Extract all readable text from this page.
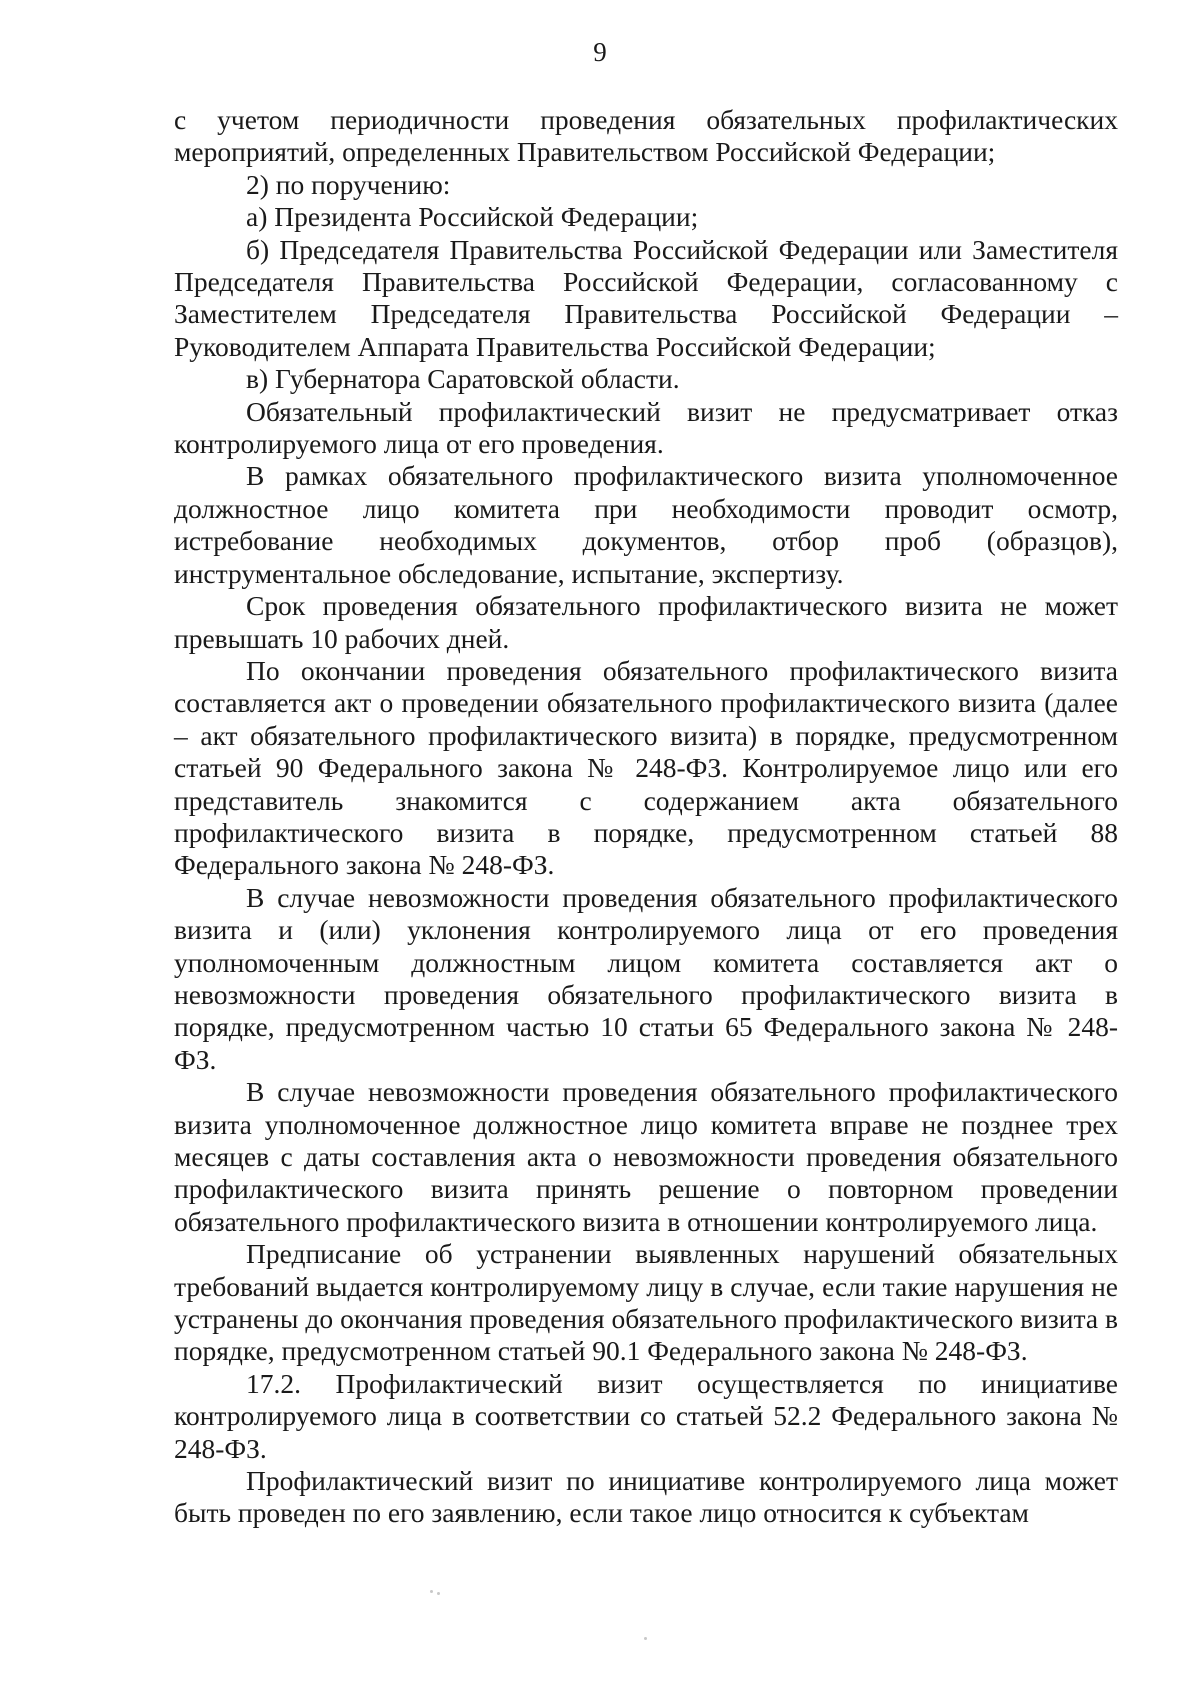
9

с учетом периодичности проведения обязательных профилактических мероприятий, определенных Правительством Российской Федерации;

2) по поручению:

а) Президента Российской Федерации;

б) Председателя Правительства Российской Федерации или Заместителя Председателя Правительства Российской Федерации, согласованному с Заместителем Председателя Правительства Российской Федерации – Руководителем Аппарата Правительства Российской Федерации;

в) Губернатора Саратовской области.

Обязательный профилактический визит не предусматривает отказ контролируемого лица от его проведения.

В рамках обязательного профилактического визита уполномоченное должностное лицо комитета при необходимости проводит осмотр, истребование необходимых документов, отбор проб (образцов), инструментальное обследование, испытание, экспертизу.

Срок проведения обязательного профилактического визита не может превышать 10 рабочих дней.

По окончании проведения обязательного профилактического визита составляется акт о проведении обязательного профилактического визита (далее – акт обязательного профилактического визита) в порядке, предусмотренном статьей 90 Федерального закона № 248-ФЗ. Контролируемое лицо или его представитель знакомится с содержанием акта обязательного профилактического визита в порядке, предусмотренном статьей 88 Федерального закона № 248-ФЗ.

В случае невозможности проведения обязательного профилактического визита и (или) уклонения контролируемого лица от его проведения уполномоченным должностным лицом комитета составляется акт о невозможности проведения обязательного профилактического визита в порядке, предусмотренном частью 10 статьи 65 Федерального закона № 248-ФЗ.

В случае невозможности проведения обязательного профилактического визита уполномоченное должностное лицо комитета вправе не позднее трех месяцев с даты составления акта о невозможности проведения обязательного профилактического визита принять решение о повторном проведении обязательного профилактического визита в отношении контролируемого лица.

Предписание об устранении выявленных нарушений обязательных требований выдается контролируемому лицу в случае, если такие нарушения не устранены до окончания проведения обязательного профилактического визита в порядке, предусмотренном статьей 90.1 Федерального закона № 248-ФЗ.

17.2. Профилактический визит осуществляется по инициативе контролируемого лица в соответствии со статьей 52.2 Федерального закона № 248-ФЗ.

Профилактический визит по инициативе контролируемого лица может быть проведен по его заявлению, если такое лицо относится к субъектам
